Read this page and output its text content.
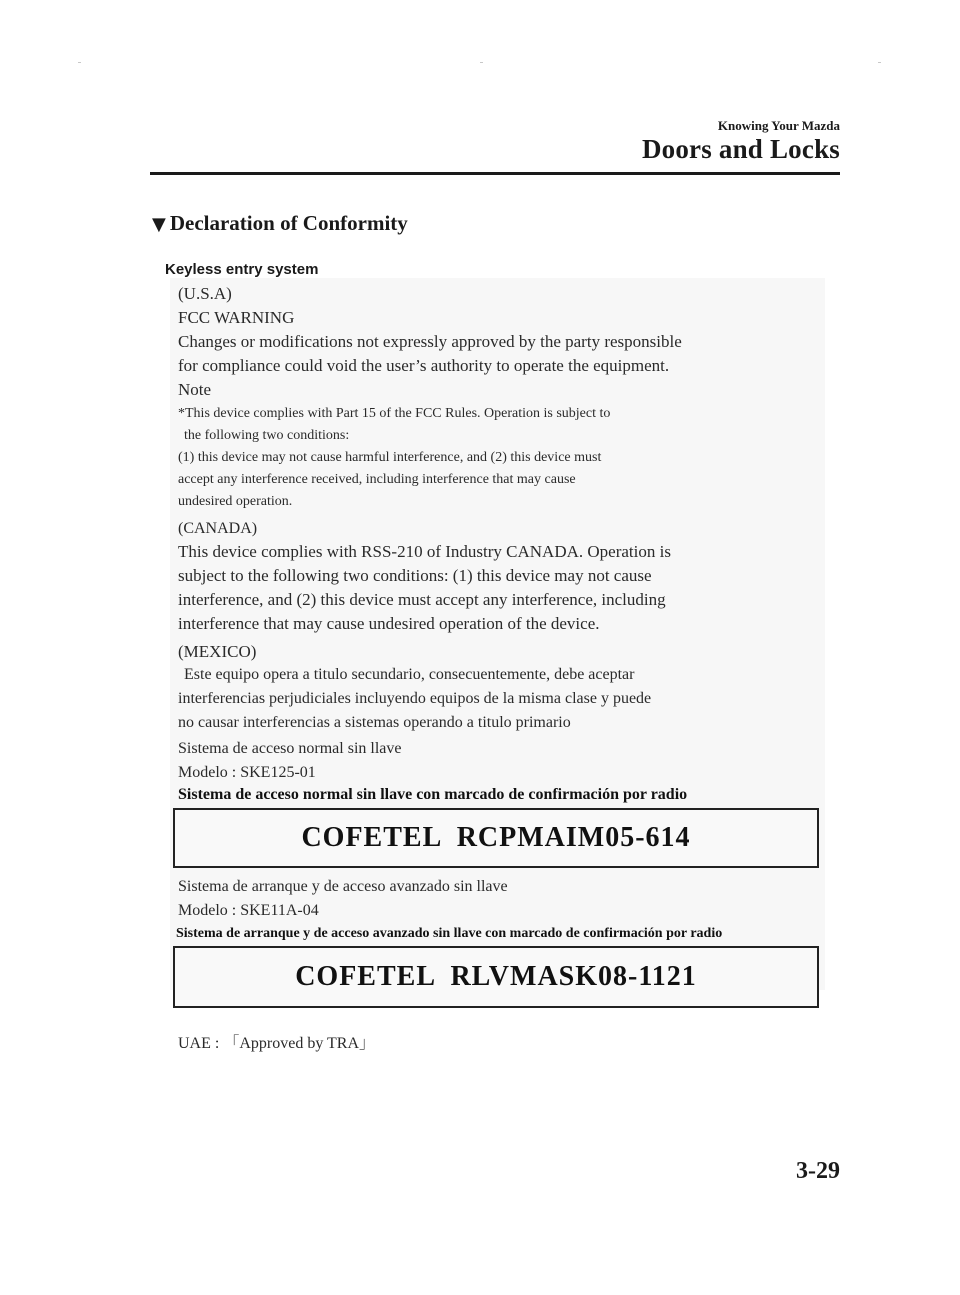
Knowing Your Mazda
Doors and Locks
▼ Declaration of Conformity
Keyless entry system
(U.S.A)
FCC WARNING
Changes or modifications not expressly approved by the party responsible
for compliance could void the user’s authority to operate the equipment.
Note
*This device complies with Part 15 of the FCC Rules. Operation is subject to
the following two conditions:
(1) this device may not cause harmful interference, and (2) this device must
accept any interference received, including interference that may cause
undesired operation.
(CANADA)
This device complies with RSS-210 of Industry CANADA. Operation is
subject to the following two conditions: (1) this device may not cause
interference, and (2) this device must accept any interference, including
interference that may cause undesired operation of the device.
(MEXICO)
Este equipo opera a titulo secundario, consecuentemente, debe aceptar
interferencias perjudiciales incluyendo equipos de la misma clase y puede
no causar interferencias a sistemas operando a titulo primario
Sistema de acceso normal sin llave
Modelo : SKE125-01
Sistema de acceso normal sin llave con marcado de confirmación por radio
COFETEL  RCPMAIM05-614
Sistema de arranque y de acceso avanzado sin llave
Modelo : SKE11A-04
Sistema de arranque y de acceso avanzado sin llave con marcado de confirmación por radio
COFETEL  RLVMASK08-1121
UAE : 「Approved by TRA」
3-29
